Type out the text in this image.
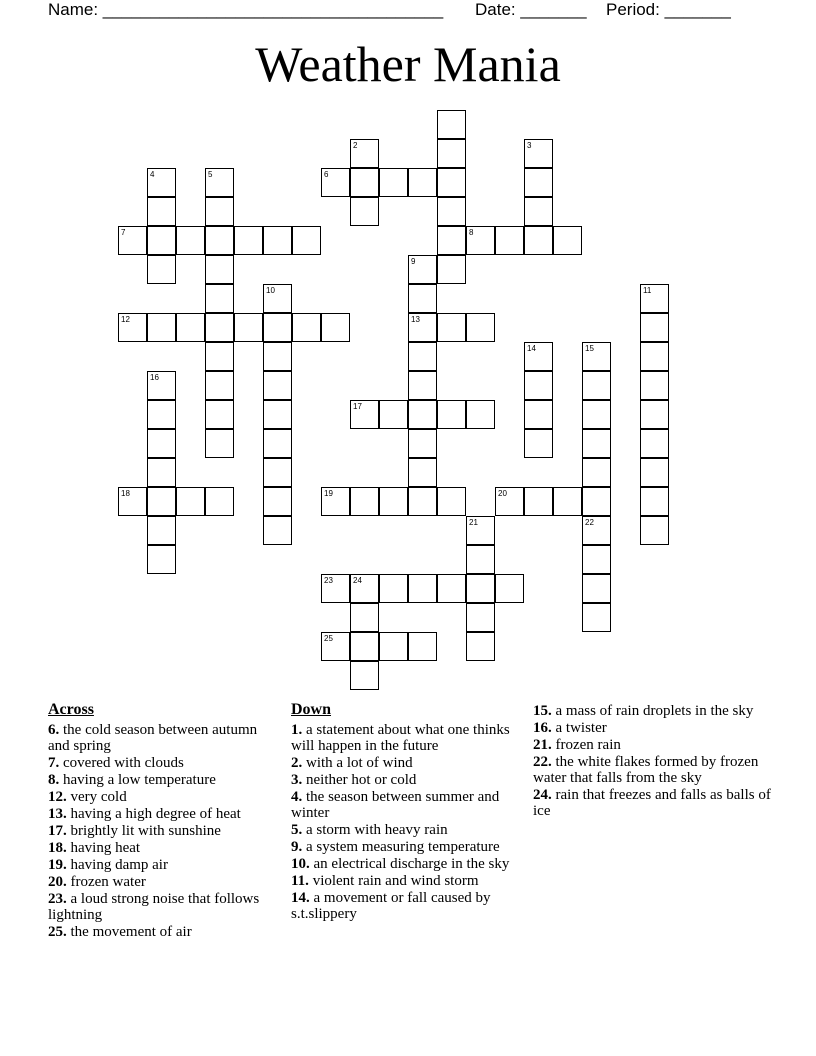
Name: ____________________________________ Date: _______ Period: _______
Weather Mania
2	3
4	5	6
7	8
9
13
10	11
12
14	15
16
17
18	19	20
21	22
23	24
25
Across
6. the cold season between autumn and spring
7. covered with clouds
8. having a low temperature
12. very cold
13. having a high degree of heat
17. brightly lit with sunshine
18. having heat
19. having damp air
20. frozen water
23. a loud strong noise that follows lightning
25. the movement of air
Down
1. a statement about what one thinks will happen in the future
2. with a lot of wind
3. neither hot or cold
4. the season between summer and winter
5. a storm with heavy rain
9. a system measuring temperature
10. an electrical discharge in the sky
11. violent rain and wind storm
14. a movement or fall caused by s.t.slippery
15. a mass of rain droplets in the sky
16. a twister
21. frozen rain
22. the white flakes formed by frozen water that falls from the sky
24. rain that freezes and falls as balls of ice
